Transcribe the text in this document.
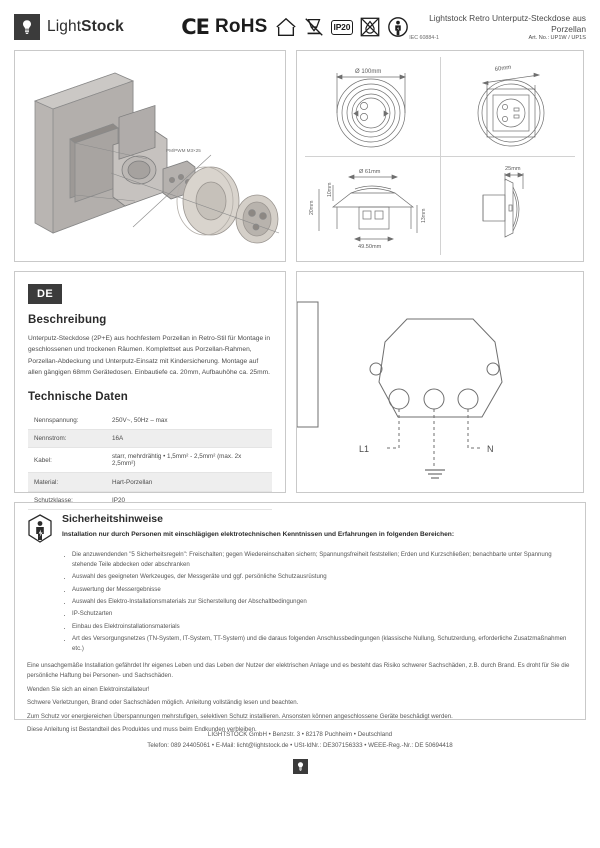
LightStock	CE RoHS	IP20
Lightstock Retro Unterputz-Steckdose aus Porzellan
IEC 60884-1	Art. No.: UP1W / UP1S
PM/PWM M3×25
Ø 100mm	60mm
Ø 61mm
49.50mm
20mm
13mm
10mm
25mm
DE
Beschreibung

Unterputz-Steckdose (2P+E) aus hochfestem Porzellan in Retro-Stil für Montage in geschlossenen und trockenen Räumen. Komplettset aus Porzellan-Rahmen, Porzellan-Abdeckung und Unterputz-Einsatz mit Kindersicherung. Montage auf allen gängigen 68mm Gerätedosen. Einbautiefe ca. 20mm, Aufbauhöhe ca. 25mm.

Technische Daten
Nennspannung:	250V~, 50Hz – max
Nennstrom:	16A
Kabel:	starr, mehrdrähtig • 1,5mm² - 2,5mm² (max. 2x 2,5mm²)
Material:	Hart-Porzellan
Schutzklasse:	IP20
L1	N
Sicherheitshinweise
Installation nur durch Personen mit einschlägigen elektrotechnischen Kenntnissen und Erfahrungen in folgenden Bereichen:
· Die anzuwendenden "5 Sicherheitsregeln": Freischalten; gegen Wiedereinschalten sichern; Spannungsfreiheit feststellen; Erden und Kurzschließen; benachbarte unter Spannung stehende Teile abdecken oder abschranken
· Auswahl des geeigneten Werkzeuges, der Messgeräte und ggf. persönliche Schutzausrüstung
· Auswertung der Messergebnisse
· Auswahl des Elektro-Installationsmaterials zur Sicherstellung der Abschaltbedingungen
· IP-Schutzarten
· Einbau des Elektroinstallationsmaterials
· Art des Versorgungsnetzes (TN-System, IT-System, TT-System) und die daraus folgenden Anschlussbedingungen (klassische Nullung, Schutzerdung, erforderliche Zusatzmaßnahmen etc.)
Eine unsachgemäße Installation gefährdet Ihr eigenes Leben und das Leben der Nutzer der elektrischen Anlage und es besteht das Risiko schwerer Sachschäden, z.B. durch Brand. Es droht für Sie die persönliche Haftung bei Personen- und Sachschäden.
Wenden Sie sich an einen Elektroinstallateur!
Schwere Verletzungen, Brand oder Sachschäden möglich. Anleitung vollständig lesen und beachten.
Zum Schutz vor energiereichen Überspannungen mehrstufigen, selektiven Schutz installieren. Ansonsten können angeschlossene Geräte beschädigt werden.
Diese Anleitung ist Bestandteil des Produktes und muss beim Endkunden verbleiben.
LIGHTSTOCK GmbH • Benzstr. 3 • 82178 Puchheim • Deutschland
Telefon: 089 24405061 • E-Mail: licht@lightstock.de • USt-IdNr.: DE307156333 • WEEE-Reg.-Nr.: DE 50694418
